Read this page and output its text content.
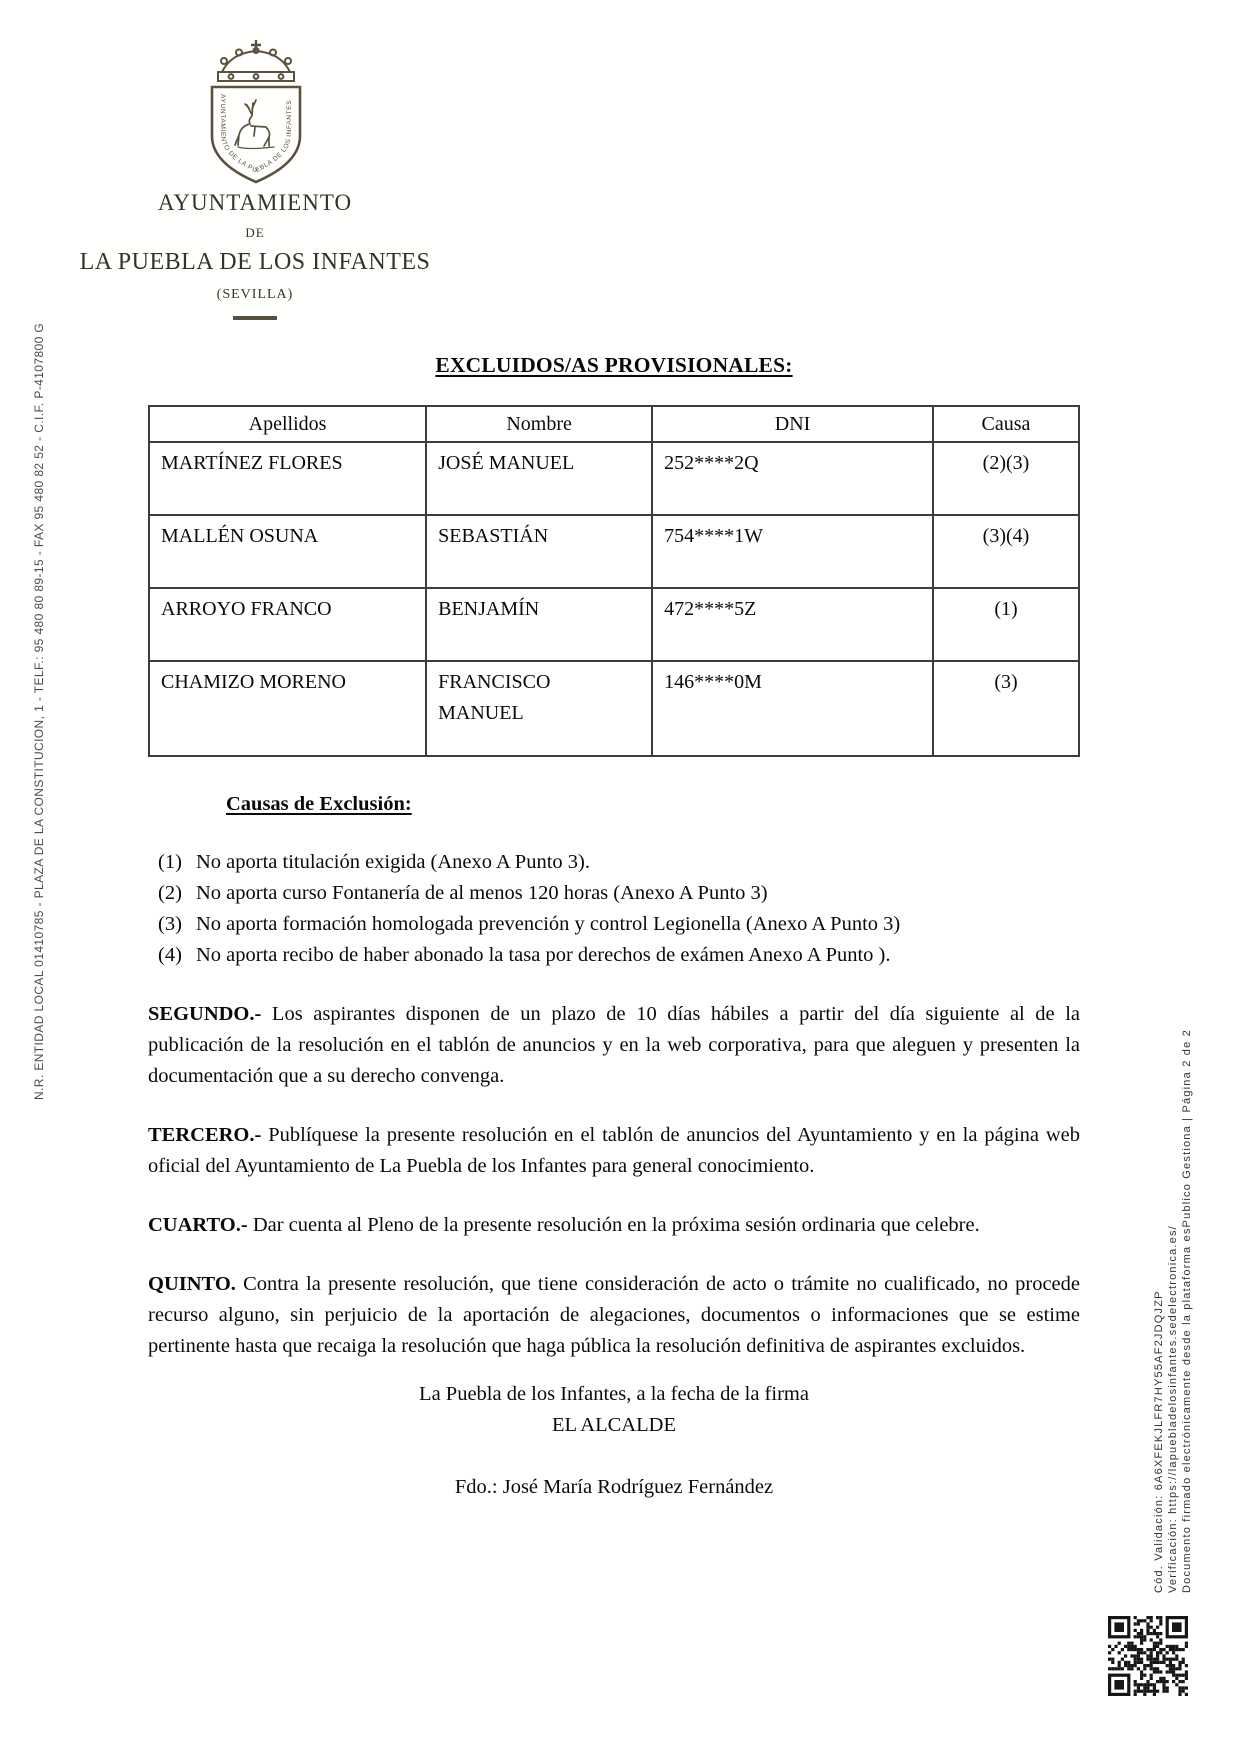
AYUNTAMIENTO DE LA PUEBLA DE LOS INFANTES
AYUNTAMIENTO
DE
LA PUEBLA DE LOS INFANTES
(SEVILLA)
EXCLUIDOS/AS PROVISIONALES:
Apellidos	Nombre	DNI	Causa
MARTÍNEZ FLORES	JOSÉ MANUEL	252****2Q	(2)(3)
MALLÉN OSUNA	SEBASTIÁN	754****1W	(3)(4)
ARROYO FRANCO	BENJAMÍN	472****5Z	(1)
CHAMIZO MORENO	FRANCISCO MANUEL	146****0M	(3)
Causas de Exclusión:
(1) No aporta titulación exigida (Anexo A Punto 3).
(2) No aporta curso Fontanería de al menos 120 horas (Anexo A Punto 3)
(3) No aporta formación homologada prevención y control Legionella (Anexo A Punto 3)
(4) No aporta recibo de haber abonado la tasa por derechos de exámen Anexo A Punto ).

SEGUNDO.- Los aspirantes disponen de un plazo de 10 días hábiles a partir del día siguiente al de la publicación de la resolución en el tablón de anuncios y en la web corporativa, para que aleguen y presenten la documentación que a su derecho convenga.

TERCERO.- Publíquese la presente resolución en el tablón de anuncios del Ayuntamiento y en la página web oficial del Ayuntamiento de La Puebla de los Infantes para general conocimiento.

CUARTO.- Dar cuenta al Pleno de la presente resolución en la próxima sesión ordinaria que celebre.

QUINTO. Contra la presente resolución, que tiene consideración de acto o trámite no cualificado, no procede recurso alguno, sin perjuicio de la aportación de alegaciones, documentos o informaciones que se estime pertinente hasta que recaiga la resolución que haga pública la resolución definitiva de aspirantes excluidos.

La Puebla de los Infantes, a la fecha de la firma
EL ALCALDE
Fdo.: José María Rodríguez Fernández
N.R. ENTIDAD LOCAL 01410785 - PLAZA DE LA CONSTITUCION, 1 - TELF.: 95 480 80 89-15 - FAX 95 480 82 52 - C.I.F. P-4107800 G
Cód. Validación: 6A6XFEKJLFR7HY55AF2JDQJZP Verificación: https://lapuebladelosinfantes.sedelectronica.es/ Documento firmado electrónicamente desde la plataforma esPublico Gestiona | Página 2 de 2
